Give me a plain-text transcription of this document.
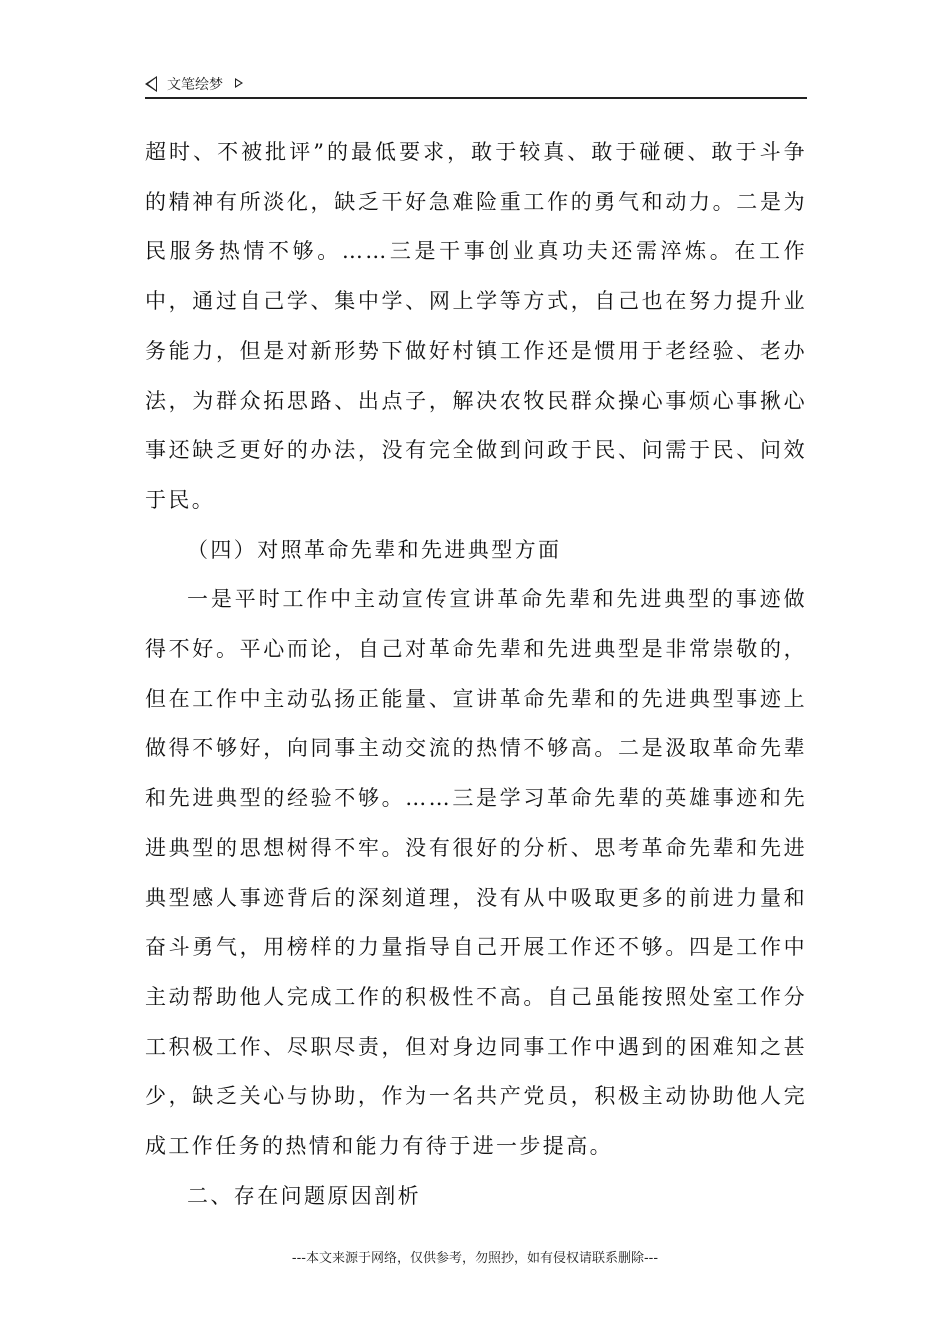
文笔绘梦

超时、不被批评”的最低要求，敢于较真、敢于碰硬、敢于斗争的精神有所淡化，缺乏干好急难险重工作的勇气和动力。二是为民服务热情不够。……三是干事创业真功夫还需淬炼。在工作中，通过自己学、集中学、网上学等方式，自己也在努力提升业务能力，但是对新形势下做好村镇工作还是惯用于老经验、老办法，为群众拓思路、出点子，解决农牧民群众操心事烦心事揪心事还缺乏更好的办法，没有完全做到问政于民、问需于民、问效于民。

（四）对照革命先辈和先进典型方面

一是平时工作中主动宣传宣讲革命先辈和先进典型的事迹做得不好。平心而论，自己对革命先辈和先进典型是非常崇敬的，但在工作中主动弘扬正能量、宣讲革命先辈和的先进典型事迹上做得不够好，向同事主动交流的热情不够高。二是汲取革命先辈和先进典型的经验不够。……三是学习革命先辈的英雄事迹和先进典型的思想树得不牢。没有很好的分析、思考革命先辈和先进典型感人事迹背后的深刻道理，没有从中吸取更多的前进力量和奋斗勇气，用榜样的力量指导自己开展工作还不够。四是工作中主动帮助他人完成工作的积极性不高。自己虽能按照处室工作分工积极工作、尽职尽责，但对身边同事工作中遇到的困难知之甚少，缺乏关心与协助，作为一名共产党员，积极主动协助他人完成工作任务的热情和能力有待于进一步提高。

二、存在问题原因剖析

---本文来源于网络，仅供参考，勿照抄，如有侵权请联系删除---
